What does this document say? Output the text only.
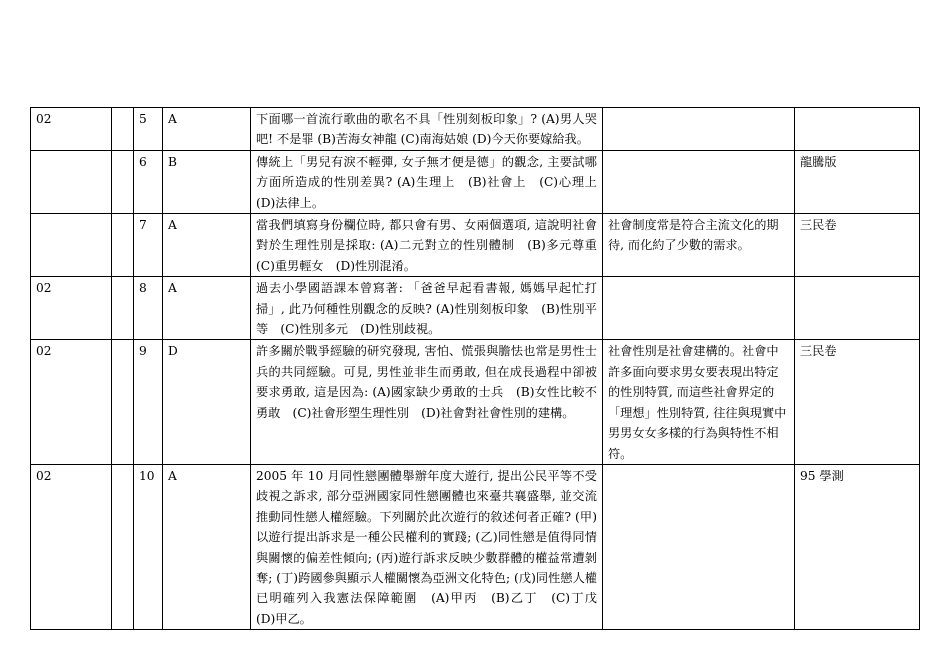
02		5	A	下面哪一首流行歌曲的歌名不具「性別刻板印象」? (A)男人哭吧! 不是罪 (B)苦海女神龍 (C)南海姑娘 (D)今天你要嫁給我。		
		6	B	傳統上「男兒有淚不輕彈, 女子無才便是德」的觀念, 主要試哪方面所造成的性別差異? (A)生理上　(B)社會上　(C)心理上　(D)法律上。		龍騰版
		7	A	當我們填寫身份欄位時, 都只會有男、女兩個選項, 這說明社會對於生理性別是採取: (A)二元對立的性別體制　(B)多元尊重　(C)重男輕女　(D)性別混淆。	社會制度常是符合主流文化的期待, 而化約了少數的需求。	三民卷
02		8	A	過去小學國語課本曾寫著: 「爸爸早起看書報, 媽媽早起忙打掃」, 此乃何種性別觀念的反映? (A)性別刻板印象　(B)性別平等　(C)性別多元　(D)性別歧視。		
02		9	D	許多關於戰爭經驗的研究發現, 害怕、慌張與膽怯也常是男性士兵的共同經驗。可見, 男性並非生而勇敢, 但在成長過程中卻被要求勇敢, 這是因為: (A)國家缺少勇敢的士兵　(B)女性比較不勇敢　(C)社會形塑生理性別　(D)社會對社會性別的建構。	社會性別是社會建構的。社會中許多面向要求男女要表現出特定的性別特質, 而這些社會界定的「理想」性別特質, 往往與現實中男男女女多樣的行為與特性不相符。	三民卷
02		10	A	2005 年 10 月同性戀團體舉辦年度大遊行, 提出公民平等不受歧視之訴求, 部分亞洲國家同性戀團體也來臺共襄盛舉, 並交流推動同性戀人權經驗。下列關於此次遊行的敘述何者正確? (甲)以遊行提出訴求是一種公民權利的實踐; (乙)同性戀是值得同情與關懷的偏差性傾向; (丙)遊行訴求反映少數群體的權益常遭剝奪; (丁)跨國參與顯示人權關懷為亞洲文化特色; (戊)同性戀人權已明確列入我憲法保障範圍　(A)甲丙　(B)乙丁　(C)丁戊　(D)甲乙。		95 學測
